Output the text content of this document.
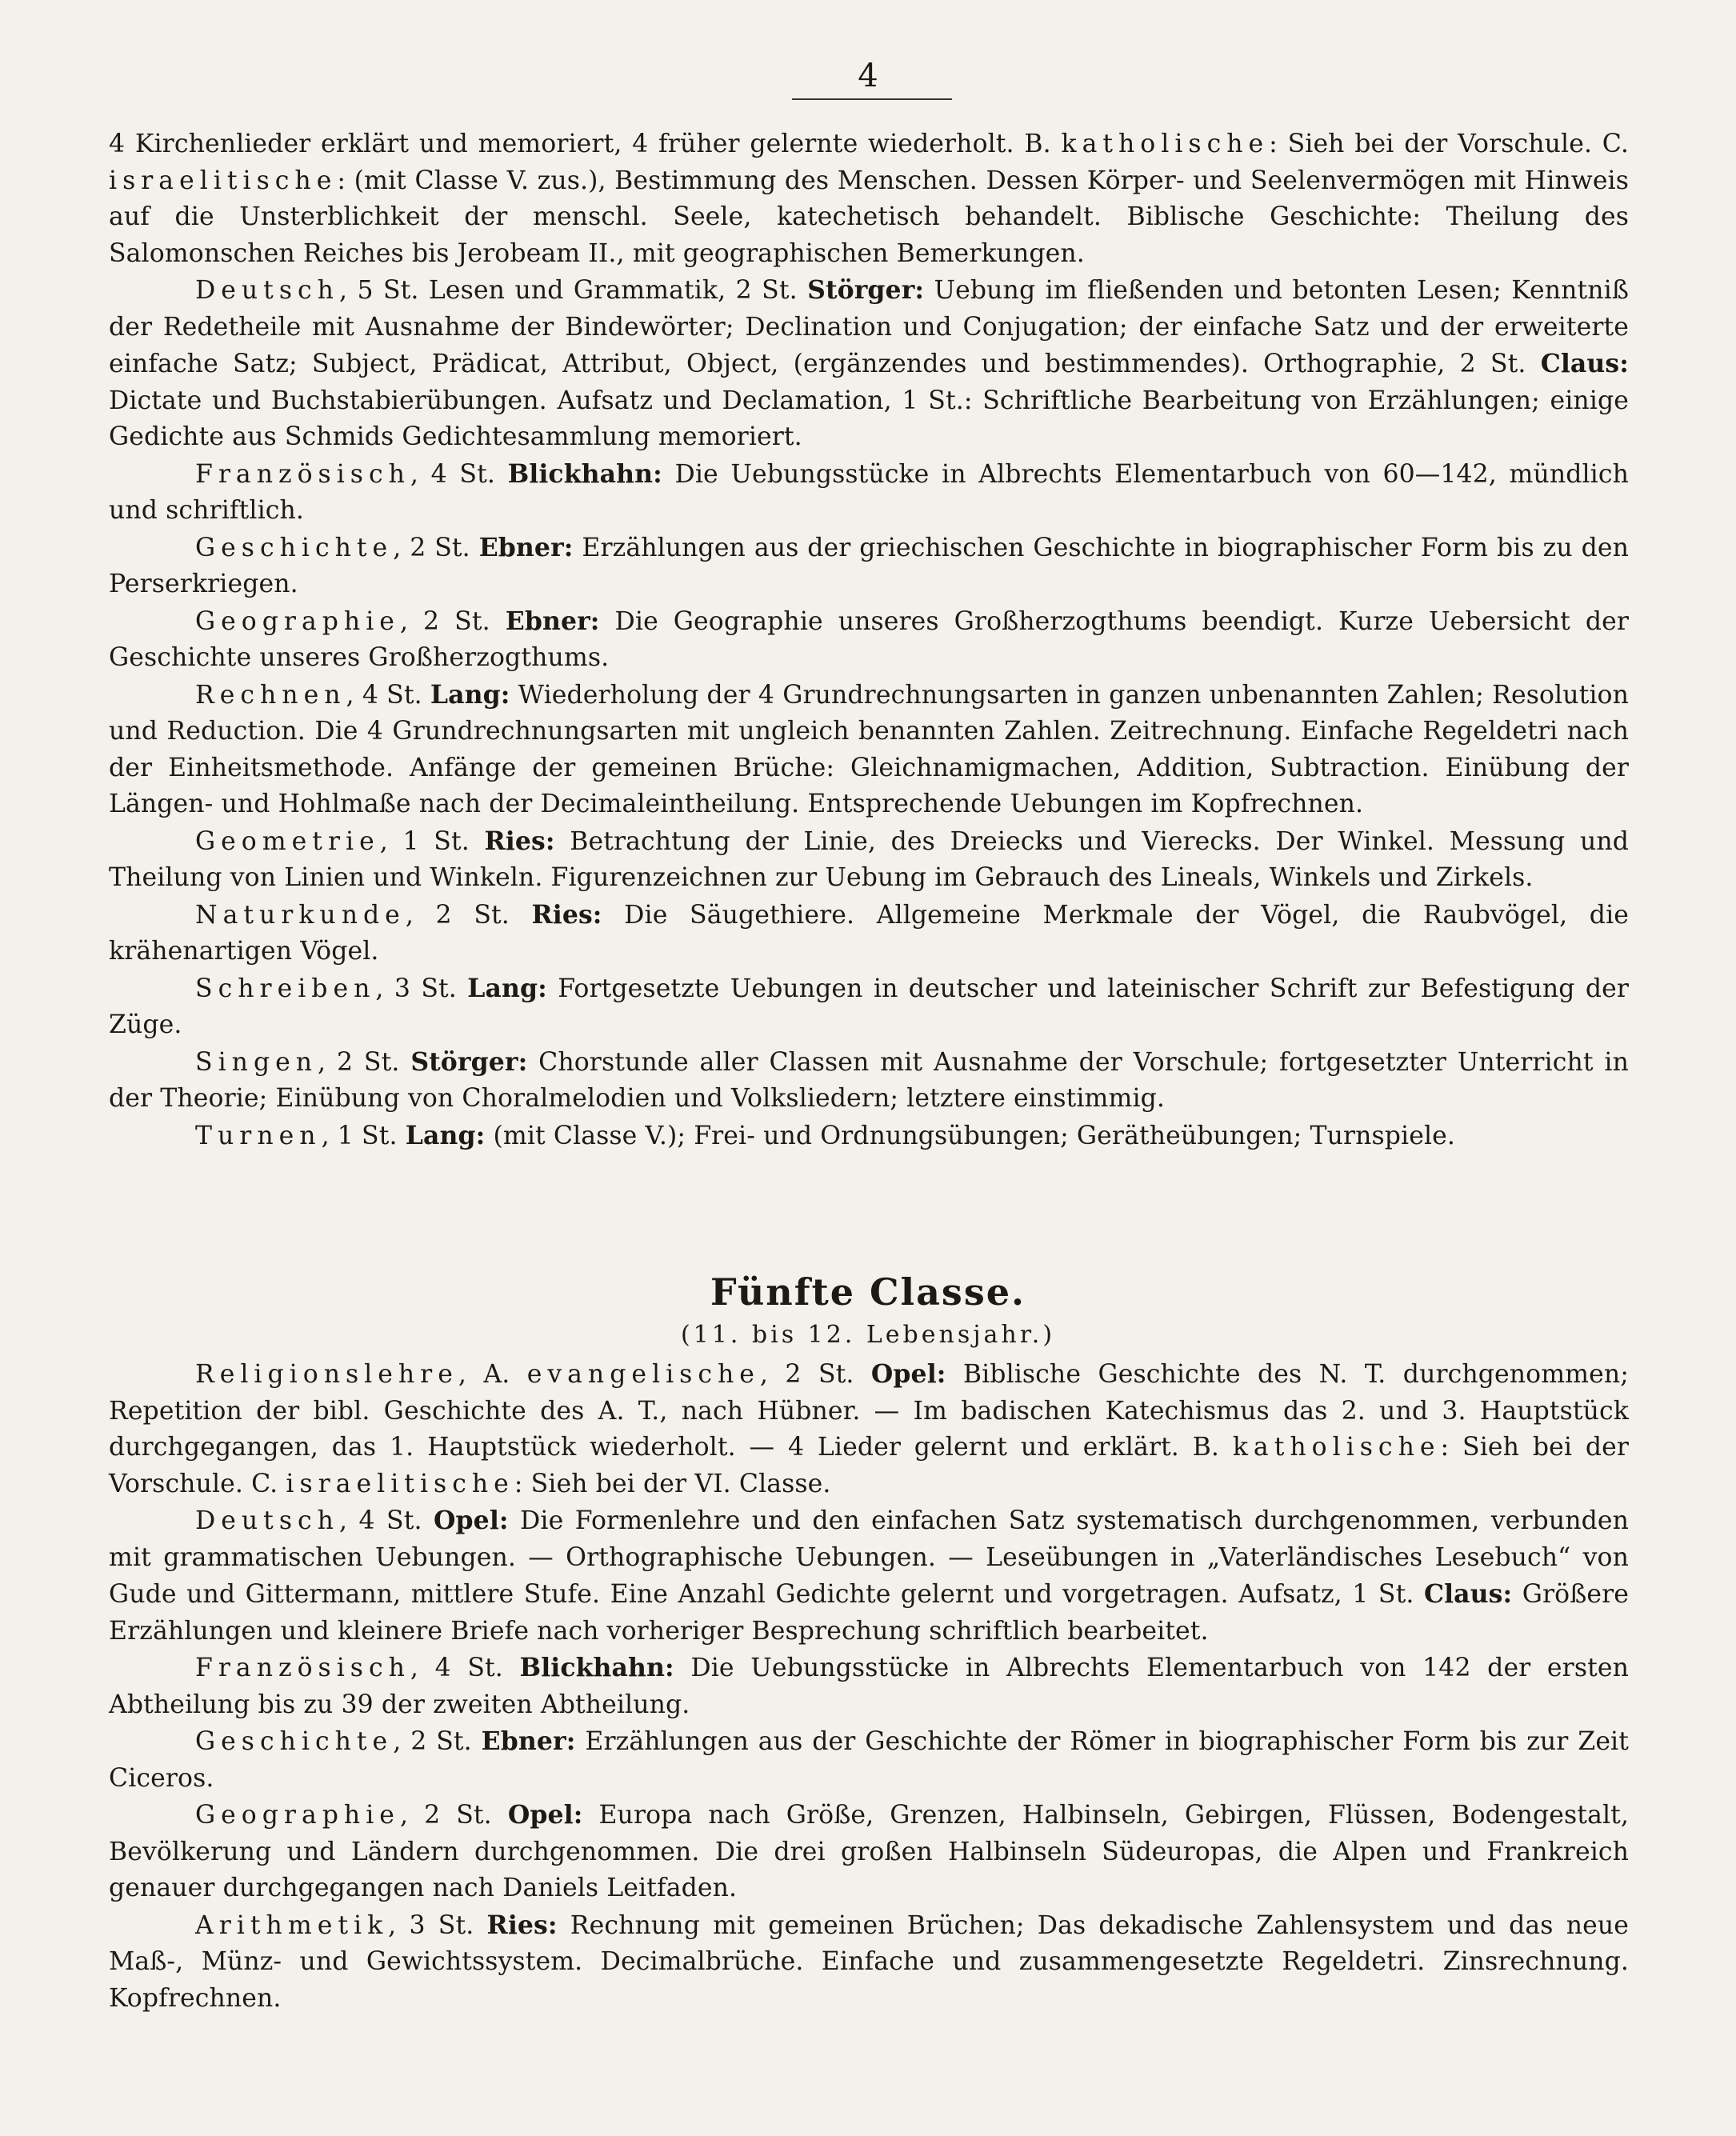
4

4 Kirchenlieder erklärt und memoriert, 4 früher gelernte wiederholt. B. katholische: Sieh bei der Vorschule. C. israelitische: (mit Classe V. zus.), Bestimmung des Menschen. Dessen Körper- und Seelenvermögen mit Hinweis auf die Unsterblichkeit der menschl. Seele, katechetisch behandelt. Biblische Geschichte: Theilung des Salomonschen Reiches bis Jerobeam II., mit geographischen Bemerkungen.

Deutsch, 5 St. Lesen und Grammatik, 2 St. Störger: Uebung im fließenden und betonten Lesen; Kenntniß der Redetheile mit Ausnahme der Bindewörter; Declination und Conjugation; der einfache Satz und der erweiterte einfache Satz; Subject, Prädicat, Attribut, Object, (ergänzendes und bestimmendes). Orthographie, 2 St. Claus: Dictate und Buchstabierübungen. Aufsatz und Declamation, 1 St.: Schriftliche Bearbeitung von Erzählungen; einige Gedichte aus Schmids Gedichtesammlung memoriert.

Französisch, 4 St. Blickhahn: Die Uebungsstücke in Albrechts Elementarbuch von 60—142, mündlich und schriftlich.

Geschichte, 2 St. Ebner: Erzählungen aus der griechischen Geschichte in biographischer Form bis zu den Perserkriegen.

Geographie, 2 St. Ebner: Die Geographie unseres Großherzogthums beendigt. Kurze Uebersicht der Geschichte unseres Großherzogthums.

Rechnen, 4 St. Lang: Wiederholung der 4 Grundrechnungsarten in ganzen unbenannten Zahlen; Resolution und Reduction. Die 4 Grundrechnungsarten mit ungleich benannten Zahlen. Zeitrechnung. Einfache Regeldetri nach der Einheitsmethode. Anfänge der gemeinen Brüche: Gleichnamigmachen, Addition, Subtraction. Einübung der Längen- und Hohlmaße nach der Decimaleintheilung. Entsprechende Uebungen im Kopfrechnen.

Geometrie, 1 St. Ries: Betrachtung der Linie, des Dreiecks und Vierecks. Der Winkel. Messung und Theilung von Linien und Winkeln. Figurenzeichnen zur Uebung im Gebrauch des Lineals, Winkels und Zirkels.

Naturkunde, 2 St. Ries: Die Säugethiere. Allgemeine Merkmale der Vögel, die Raubvögel, die krähenartigen Vögel.

Schreiben, 3 St. Lang: Fortgesetzte Uebungen in deutscher und lateinischer Schrift zur Befestigung der Züge.

Singen, 2 St. Störger: Chorstunde aller Classen mit Ausnahme der Vorschule; fortgesetzter Unterricht in der Theorie; Einübung von Choralmelodien und Volksliedern; letztere einstimmig.

Turnen, 1 St. Lang: (mit Classe V.); Frei- und Ordnungsübungen; Gerätheübungen; Turnspiele.

Fünfte Classe.
(11. bis 12. Lebensjahr.)

Religionslehre, A. evangelische, 2 St. Opel: Biblische Geschichte des N. T. durchgenommen; Repetition der bibl. Geschichte des A. T., nach Hübner. — Im badischen Katechismus das 2. und 3. Hauptstück durchgegangen, das 1. Hauptstück wiederholt. — 4 Lieder gelernt und erklärt. B. katholische: Sieh bei der Vorschule. C. israelitische: Sieh bei der VI. Classe.

Deutsch, 4 St. Opel: Die Formenlehre und den einfachen Satz systematisch durchgenommen, verbunden mit grammatischen Uebungen. — Orthographische Uebungen. — Leseübungen in „Vaterländisches Lesebuch“ von Gude und Gittermann, mittlere Stufe. Eine Anzahl Gedichte gelernt und vorgetragen. Aufsatz, 1 St. Claus: Größere Erzählungen und kleinere Briefe nach vorheriger Besprechung schriftlich bearbeitet.

Französisch, 4 St. Blickhahn: Die Uebungsstücke in Albrechts Elementarbuch von 142 der ersten Abtheilung bis zu 39 der zweiten Abtheilung.

Geschichte, 2 St. Ebner: Erzählungen aus der Geschichte der Römer in biographischer Form bis zur Zeit Ciceros.

Geographie, 2 St. Opel: Europa nach Größe, Grenzen, Halbinseln, Gebirgen, Flüssen, Bodengestalt, Bevölkerung und Ländern durchgenommen. Die drei großen Halbinseln Südeuropas, die Alpen und Frankreich genauer durchgegangen nach Daniels Leitfaden.

Arithmetik, 3 St. Ries: Rechnung mit gemeinen Brüchen; Das dekadische Zahlensystem und das neue Maß-, Münz- und Gewichtssystem. Decimalbrüche. Einfache und zusammengesetzte Regeldetri. Zinsrechnung. Kopfrechnen.
